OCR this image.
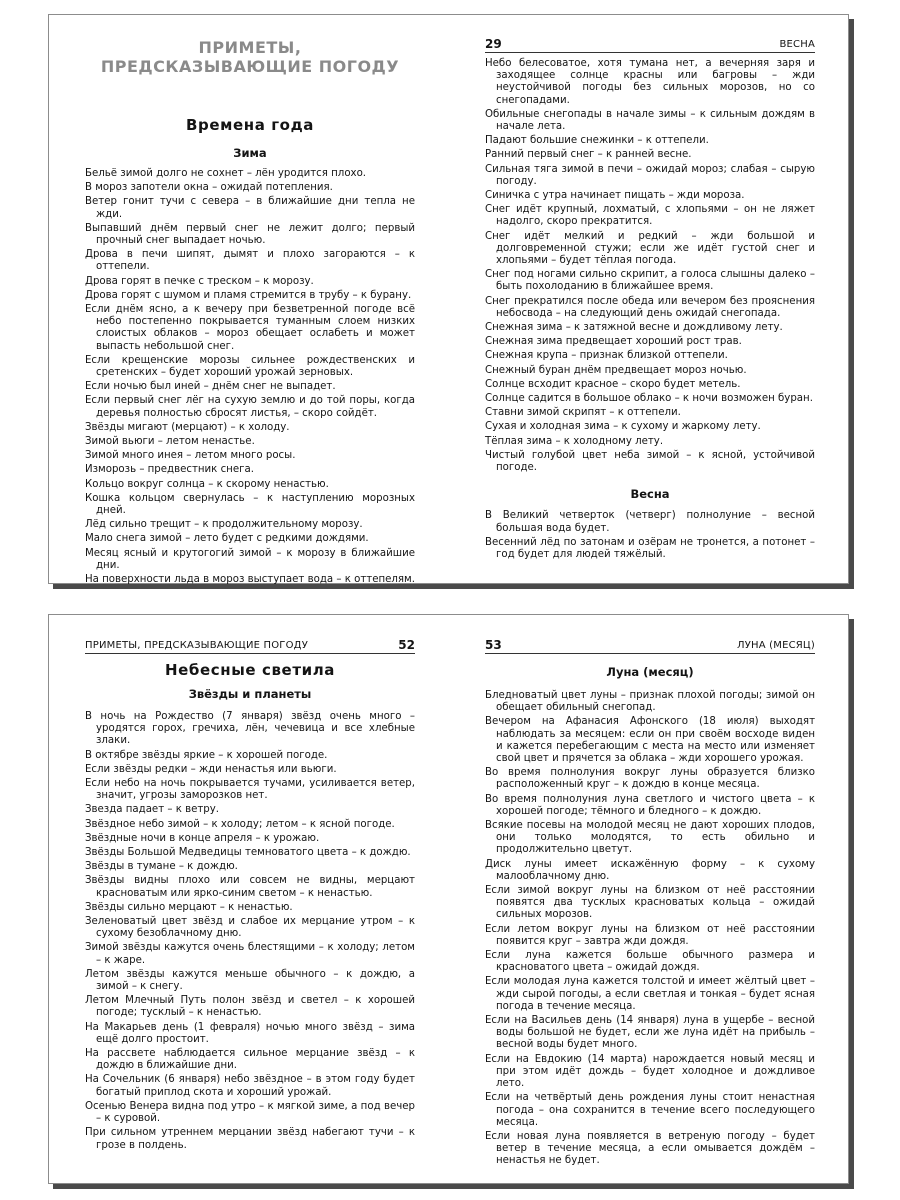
ПРИМЕТЫ,
ПРЕДСКАЗЫВАЮЩИЕ ПОГОДУ
Времена года
Зима

Бельё зимой долго не сохнет – лён уродится плохо.

В мороз запотели окна – ожидай потепления.

Ветер гонит тучи с севера – в ближайшие дни тепла не жди.

Выпавший днём первый снег не лежит долго; первый прочный снег выпадает ночью.

Дрова в печи шипят, дымят и плохо загораются – к оттепели.

Дрова горят в печке с треском – к морозу.

Дрова горят с шумом и пламя стремится в трубу – к бурану.

Если днём ясно, а к вечеру при безветренной погоде всё небо постепенно покрывается туманным слоем низких слоистых облаков – мороз обещает ослабеть и может выпасть небольшой снег.

Если крещенские морозы сильнее рождественских и сретенских – будет хороший урожай зерновых.

Если ночью был иней – днём снег не выпадет.

Если первый снег лёг на сухую землю и до той поры, когда деревья полностью сбросят листья, – скоро сойдёт.

Звёзды мигают (мерцают) – к холоду.

Зимой вьюги – летом ненастье.

Зимой много инея – летом много росы.

Изморозь – предвестник снега.

Кольцо вокруг солнца – к скорому ненастью.

Кошка кольцом свернулась – к наступлению морозных дней.

Лёд сильно трещит – к продолжительному морозу.

Мало снега зимой – лето будет с редкими дождями.

Месяц ясный и крутогогий зимой – к морозу в ближайшие дни.

На поверхности льда в мороз выступает вода – к оттепелям.

29	ВЕСНА

Небо белесоватое, хотя тумана нет, а вечерняя заря и заходящее солнце красны или багровы – жди неустойчивой погоды без сильных морозов, но со снегопадами.

Обильные снегопады в начале зимы – к сильным дождям в начале лета.

Падают большие снежинки – к оттепели.

Ранний первый снег – к ранней весне.

Сильная тяга зимой в печи – ожидай мороз; слабая – сырую погоду.

Синичка с утра начинает пищать – жди мороза.

Снег идёт крупный, лохматый, с хлопьями – он не ляжет надолго, скоро прекратится.

Снег идёт мелкий и редкий – жди большой и долговременной стужи; если же идёт густой снег и хлопьями – будет тёплая погода.

Снег под ногами сильно скрипит, а голоса слышны далеко – быть похолоданию в ближайшее время.

Снег прекратился после обеда или вечером без прояснения небосвода – на следующий день ожидай снегопада.

Снежная зима – к затяжной весне и дождливому лету.

Снежная зима предвещает хороший рост трав.

Снежная крупа – признак близкой оттепели.

Снежный буран днём предвещает мороз ночью.

Солнце всходит красное – скоро будет метель.

Солнце садится в большое облако – к ночи возможен буран.

Ставни зимой скрипят – к оттепели.

Сухая и холодная зима – к сухому и жаркому лету.

Тёплая зима – к холодному лету.

Чистый голубой цвет неба зимой – к ясной, устойчивой погоде.

Весна

В Великий четверток (четверг) полнолуние – весной большая вода будет.

Весенний лёд по затонам и озёрам не тронется, а потонет – год будет для людей тяжёлый.

ПРИМЕТЫ, ПРЕДСКАЗЫВАЮЩИЕ ПОГОДУ	52
Небесные светила
Звёзды и планеты

В ночь на Рождество (7 января) звёзд очень много – уродятся горох, гречиха, лён, чечевица и все хлебные злаки.

В октябре звёзды яркие – к хорошей погоде.

Если звёзды редки – жди ненастья или вьюги.

Если небо на ночь покрывается тучами, усиливается ветер, значит, угрозы заморозков нет.

Звезда падает – к ветру.

Звёздное небо зимой – к холоду; летом – к ясной погоде.

Звёздные ночи в конце апреля – к урожаю.

Звёзды Большой Медведицы темноватого цвета – к дождю.

Звёзды в тумане – к дождю.

Звёзды видны плохо или совсем не видны, мерцают красноватым или ярко-синим светом – к ненастью.

Звёзды сильно мерцают – к ненастью.

Зеленоватый цвет звёзд и слабое их мерцание утром – к сухому безоблачному дню.

Зимой звёзды кажутся очень блестящими – к холоду; летом – к жаре.

Летом звёзды кажутся меньше обычного – к дождю, а зимой – к снегу.

Летом Млечный Путь полон звёзд и светел – к хорошей погоде; тусклый – к ненастью.

На Макарьев день (1 февраля) ночью много звёзд – зима ещё долго простоит.

На рассвете наблюдается сильное мерцание звёзд – к дождю в ближайшие дни.

На Сочельник (6 января) небо звёздное – в этом году будет богатый приплод скота и хороший урожай.

Осенью Венера видна под утро – к мягкой зиме, а под вечер – к суровой.

При сильном утреннем мерцании звёзд набегают тучи – к грозе в полдень.

53	ЛУНА (МЕСЯЦ)
Луна (месяц)

Бледноватый цвет луны – признак плохой погоды; зимой он обещает обильный снегопад.

Вечером на Афанасия Афонского (18 июля) выходят наблюдать за месяцем: если он при своём восходе виден и кажется перебегающим с места на место или изменяет свой цвет и прячется за облака – жди хорошего урожая.

Во время полнолуния вокруг луны образуется близко расположенный круг – к дождю в конце месяца.

Во время полнолуния луна светлого и чистого цвета – к хорошей погоде; тёмного и бледного – к дождю.

Всякие посевы на молодой месяц не дают хороших плодов, они только молодятся, то есть обильно и продолжительно цветут.

Диск луны имеет искажённую форму – к сухому малооблачному дню.

Если зимой вокруг луны на близком от неё расстоянии появятся два тусклых красноватых кольца – ожидай сильных морозов.

Если летом вокруг луны на близком от неё расстоянии появится круг – завтра жди дождя.

Если луна кажется больше обычного размера и красноватого цвета – ожидай дождя.

Если молодая луна кажется толстой и имеет жёлтый цвет – жди сырой погоды, а если светлая и тонкая – будет ясная погода в течение месяца.

Если на Васильев день (14 января) луна в ущербе – весной воды большой не будет, если же луна идёт на прибыль – весной воды будет много.

Если на Евдокию (14 марта) нарождается новый месяц и при этом идёт дождь – будет холодное и дождливое лето.

Если на четвёртый день рождения луны стоит ненастная погода – она сохранится в течение всего последующего месяца.

Если новая луна появляется в ветреную погоду – будет ветер в течение месяца, а если омывается дождём – ненастья не будет.
